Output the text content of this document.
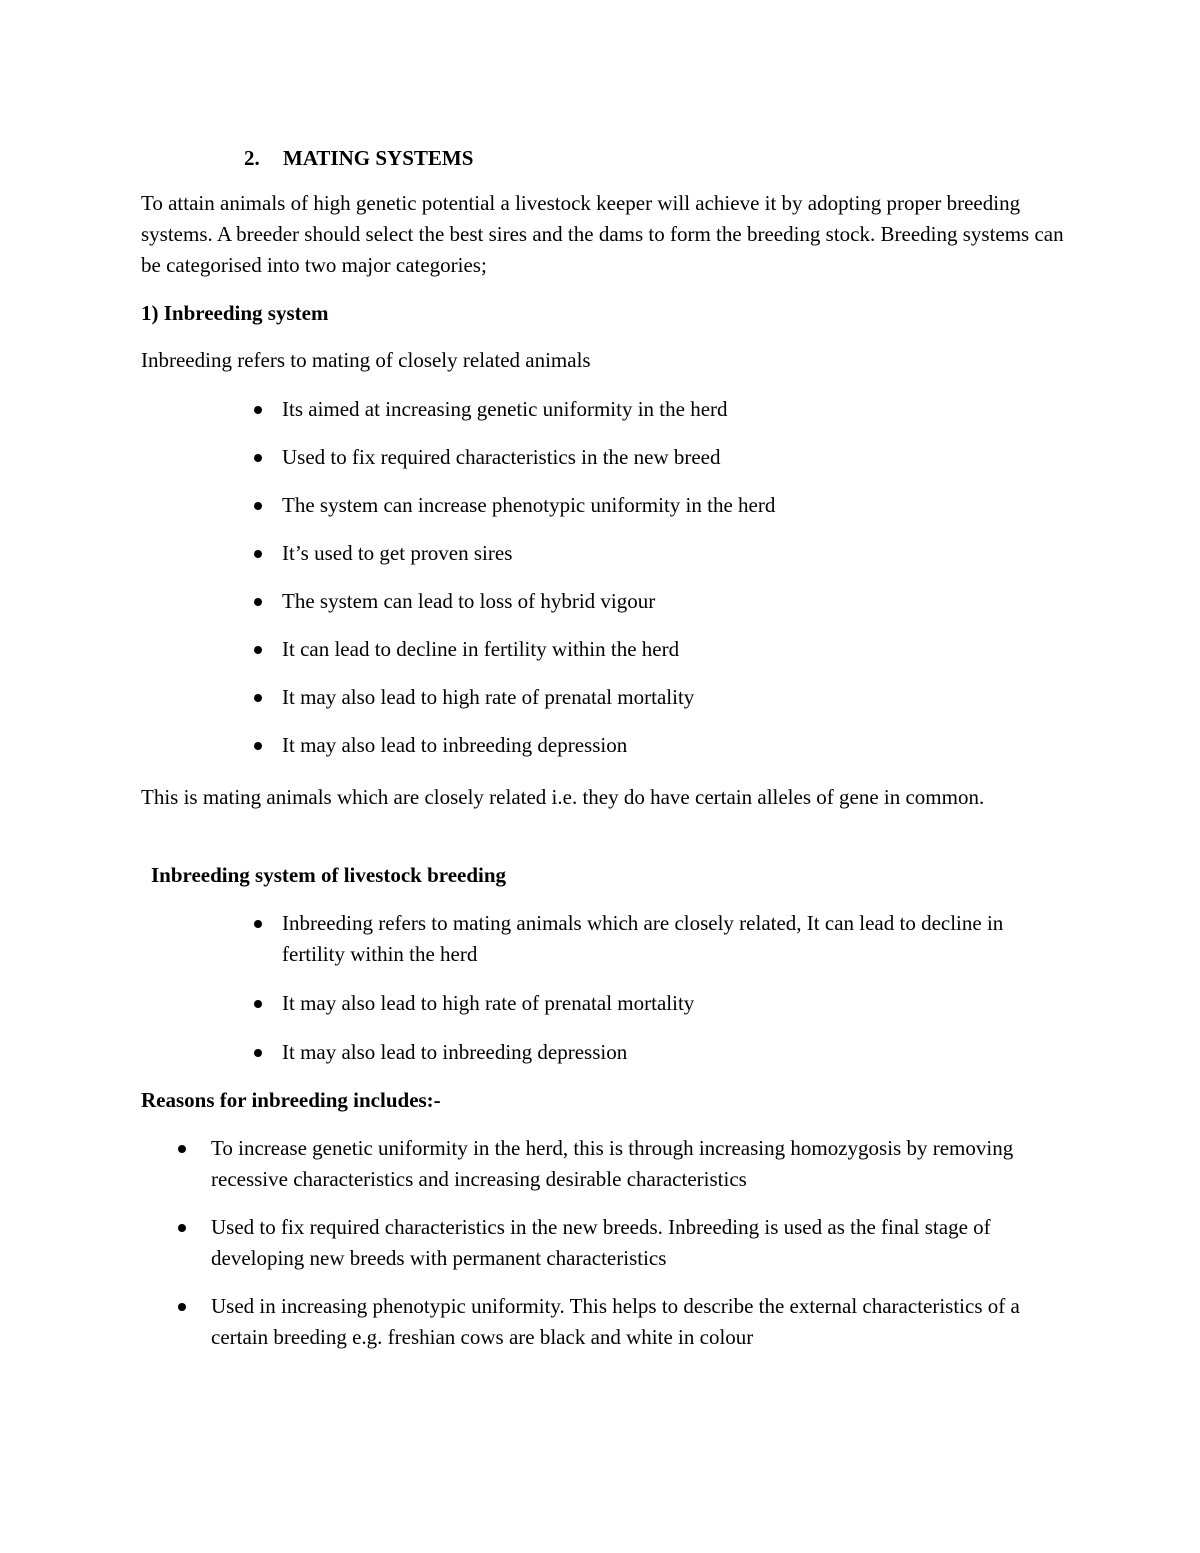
2. MATING SYSTEMS

To attain animals of high genetic potential a livestock keeper will achieve it by adopting proper breeding systems. A breeder should select the best sires and the dams to form the breeding stock. Breeding systems can be categorised into two major categories;

1) Inbreeding system

Inbreeding refers to mating of closely related animals

Its aimed at increasing genetic uniformity in the herd
Used to fix required characteristics in the new breed
The system can increase phenotypic uniformity in the herd
It’s used to get proven sires
The system can lead to loss of hybrid vigour
It can lead to decline in fertility within the herd
It may also lead to high rate of prenatal mortality
It may also lead to inbreeding depression

This is mating animals which are closely related i.e. they do have certain alleles of gene in common.

Inbreeding system of livestock breeding

Inbreeding refers to mating animals which are closely related, It can lead to decline in fertility within the herd
It may also lead to high rate of prenatal mortality
It may also lead to inbreeding depression

Reasons for inbreeding includes:-

To increase genetic uniformity in the herd, this is through increasing homozygosis by removing recessive characteristics and increasing desirable characteristics
Used to fix required characteristics in the new breeds. Inbreeding is used as the final stage of developing new breeds with permanent characteristics
Used in increasing phenotypic uniformity. This helps to describe the external characteristics of a certain breeding e.g. freshian cows are black and white in colour
